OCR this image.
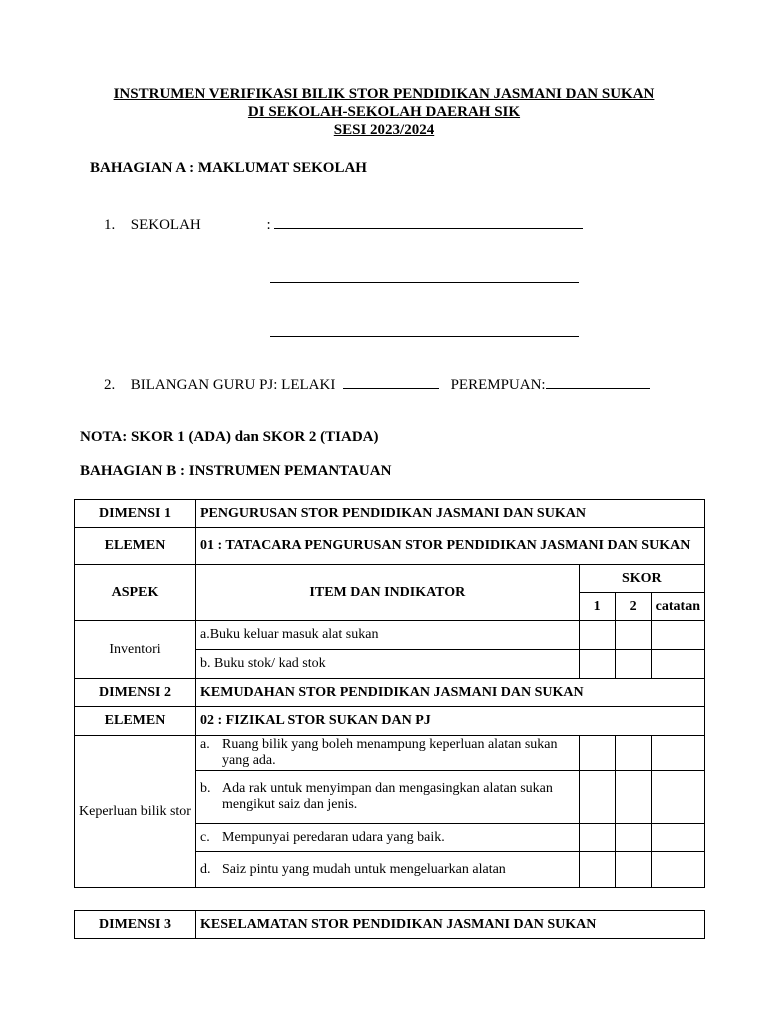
INSTRUMEN VERIFIKASI BILIK STOR PENDIDIKAN JASMANI DAN SUKAN
DI SEKOLAH-SEKOLAH DAERAH SIK
SESI 2023/2024
BAHAGIAN A : MAKLUMAT SEKOLAH
1. SEKOLAH	:
2. BILANGAN GURU PJ: LELAKI	PEREMPUAN:
NOTA: SKOR 1 (ADA) dan SKOR 2 (TIADA)
BAHAGIAN B : INSTRUMEN PEMANTAUAN
DIMENSI 1	PENGURUSAN STOR PENDIDIKAN JASMANI DAN SUKAN			
ELEMEN	01 : TATACARA PENGURUSAN STOR PENDIDIKAN JASMANI DAN SUKAN			
ASPEK	ITEM DAN INDIKATOR	SKOR		
		1	2	catatan
Inventori	a.Buku keluar masuk alat sukan			
	b. Buku stok/ kad stok			
DIMENSI 2	KEMUDAHAN STOR PENDIDIKAN JASMANI DAN SUKAN			
ELEMEN	02 : FIZIKAL STOR SUKAN DAN PJ			
Keperluan bilik stor	a. Ruang bilik yang boleh menampung keperluan alatan sukan yang ada.			

	b. Ada rak untuk menyimpan dan mengasingkan alatan sukan mengikut saiz dan jenis.			

	c. Mempunyai peredaran udara yang baik.			

	d. Saiz pintu yang mudah untuk mengeluarkan alatan			

DIMENSI 3	KESELAMATAN STOR PENDIDIKAN JASMANI DAN SUKAN
